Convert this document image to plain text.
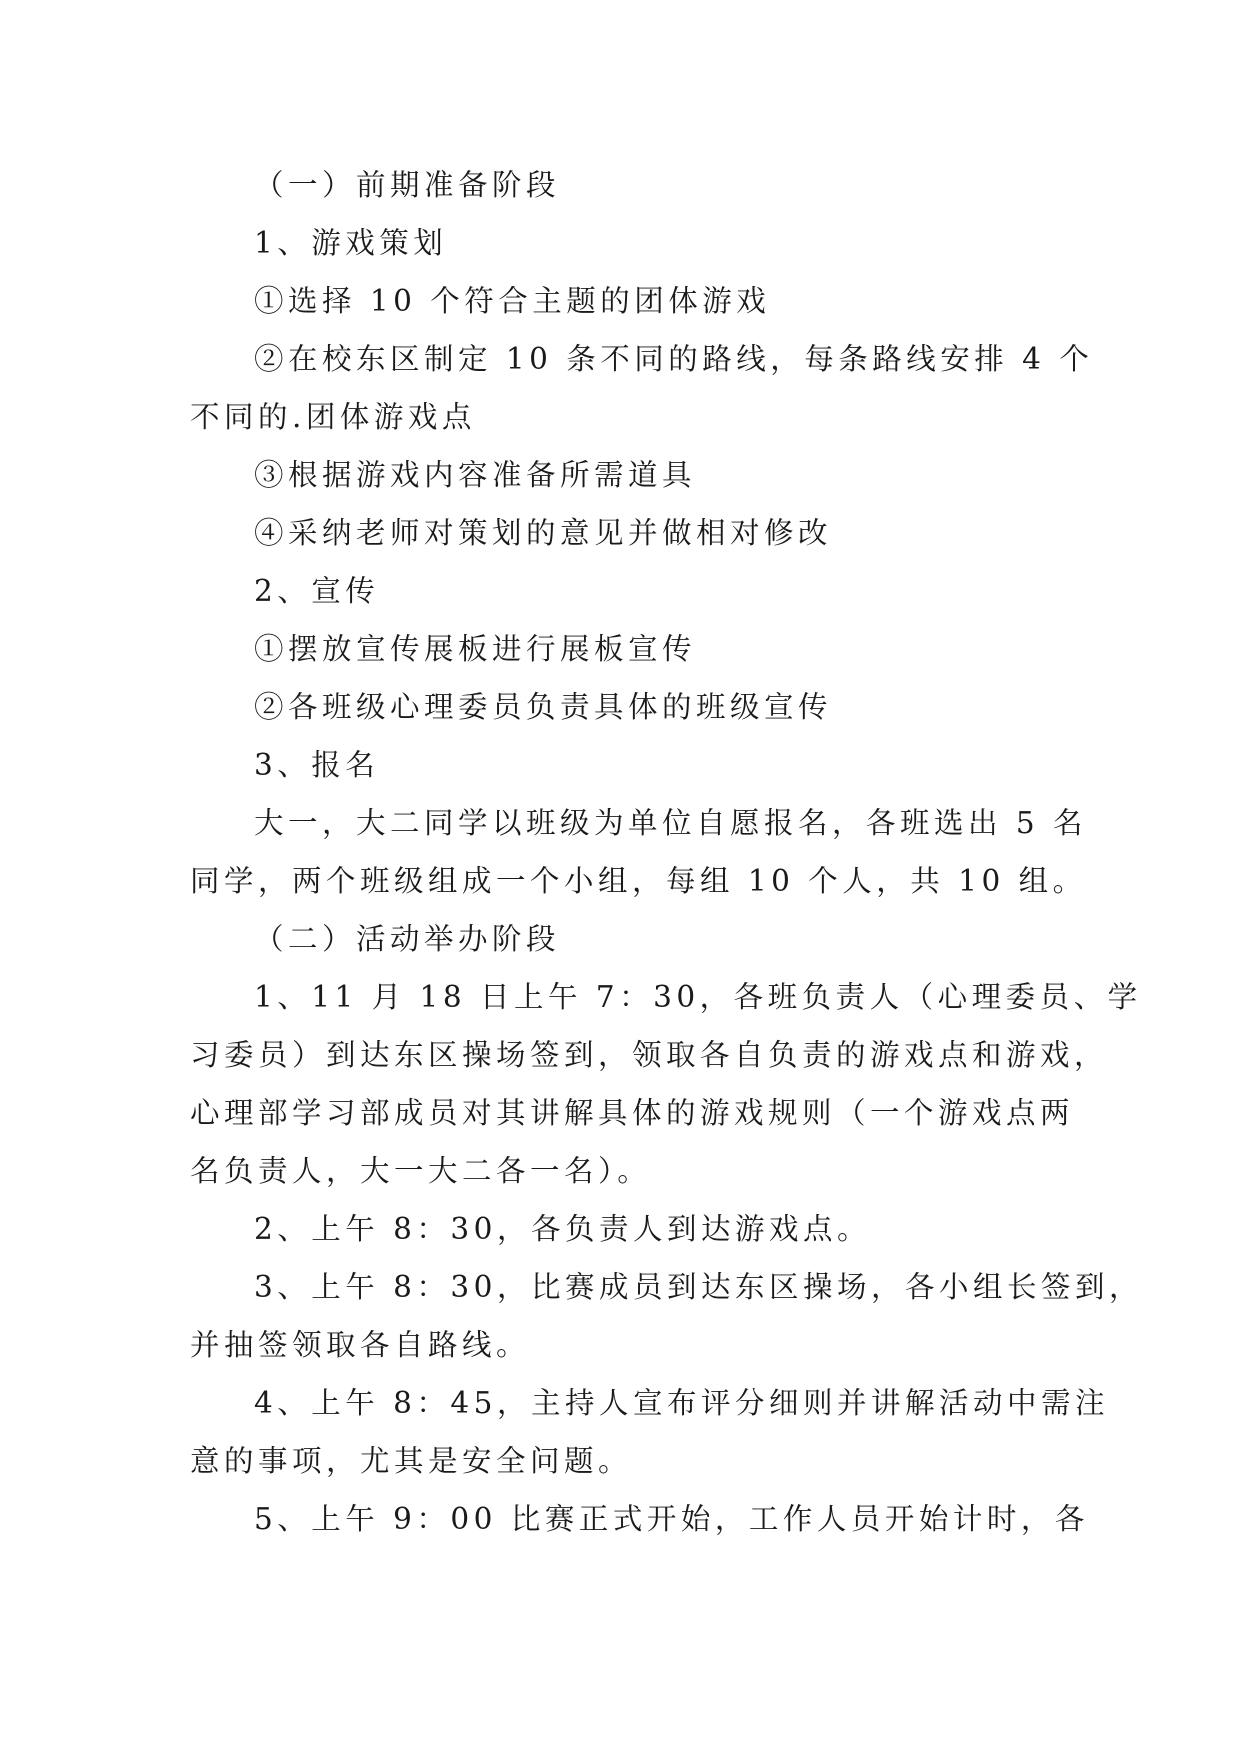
（一）前期准备阶段

1、游戏策划

①选择 10 个符合主题的团体游戏

②在校东区制定 10 条不同的路线，每条路线安排 4 个

不同的.团体游戏点

③根据游戏内容准备所需道具

④采纳老师对策划的意见并做相对修改

2、宣传

①摆放宣传展板进行展板宣传

②各班级心理委员负责具体的班级宣传

3、报名

大一，大二同学以班级为单位自愿报名，各班选出 5 名

同学，两个班级组成一个小组，每组 10 个人，共 10 组。

（二）活动举办阶段

1、11 月 18 日上午 7：30，各班负责人（心理委员、学

习委员）到达东区操场签到，领取各自负责的游戏点和游戏，

心理部学习部成员对其讲解具体的游戏规则（一个游戏点两

名负责人，大一大二各一名）。

2、上午 8：30，各负责人到达游戏点。

3、上午 8：30，比赛成员到达东区操场，各小组长签到，

并抽签领取各自路线。

4、上午 8：45，主持人宣布评分细则并讲解活动中需注

意的事项，尤其是安全问题。

5、上午 9：00 比赛正式开始，工作人员开始计时，各
